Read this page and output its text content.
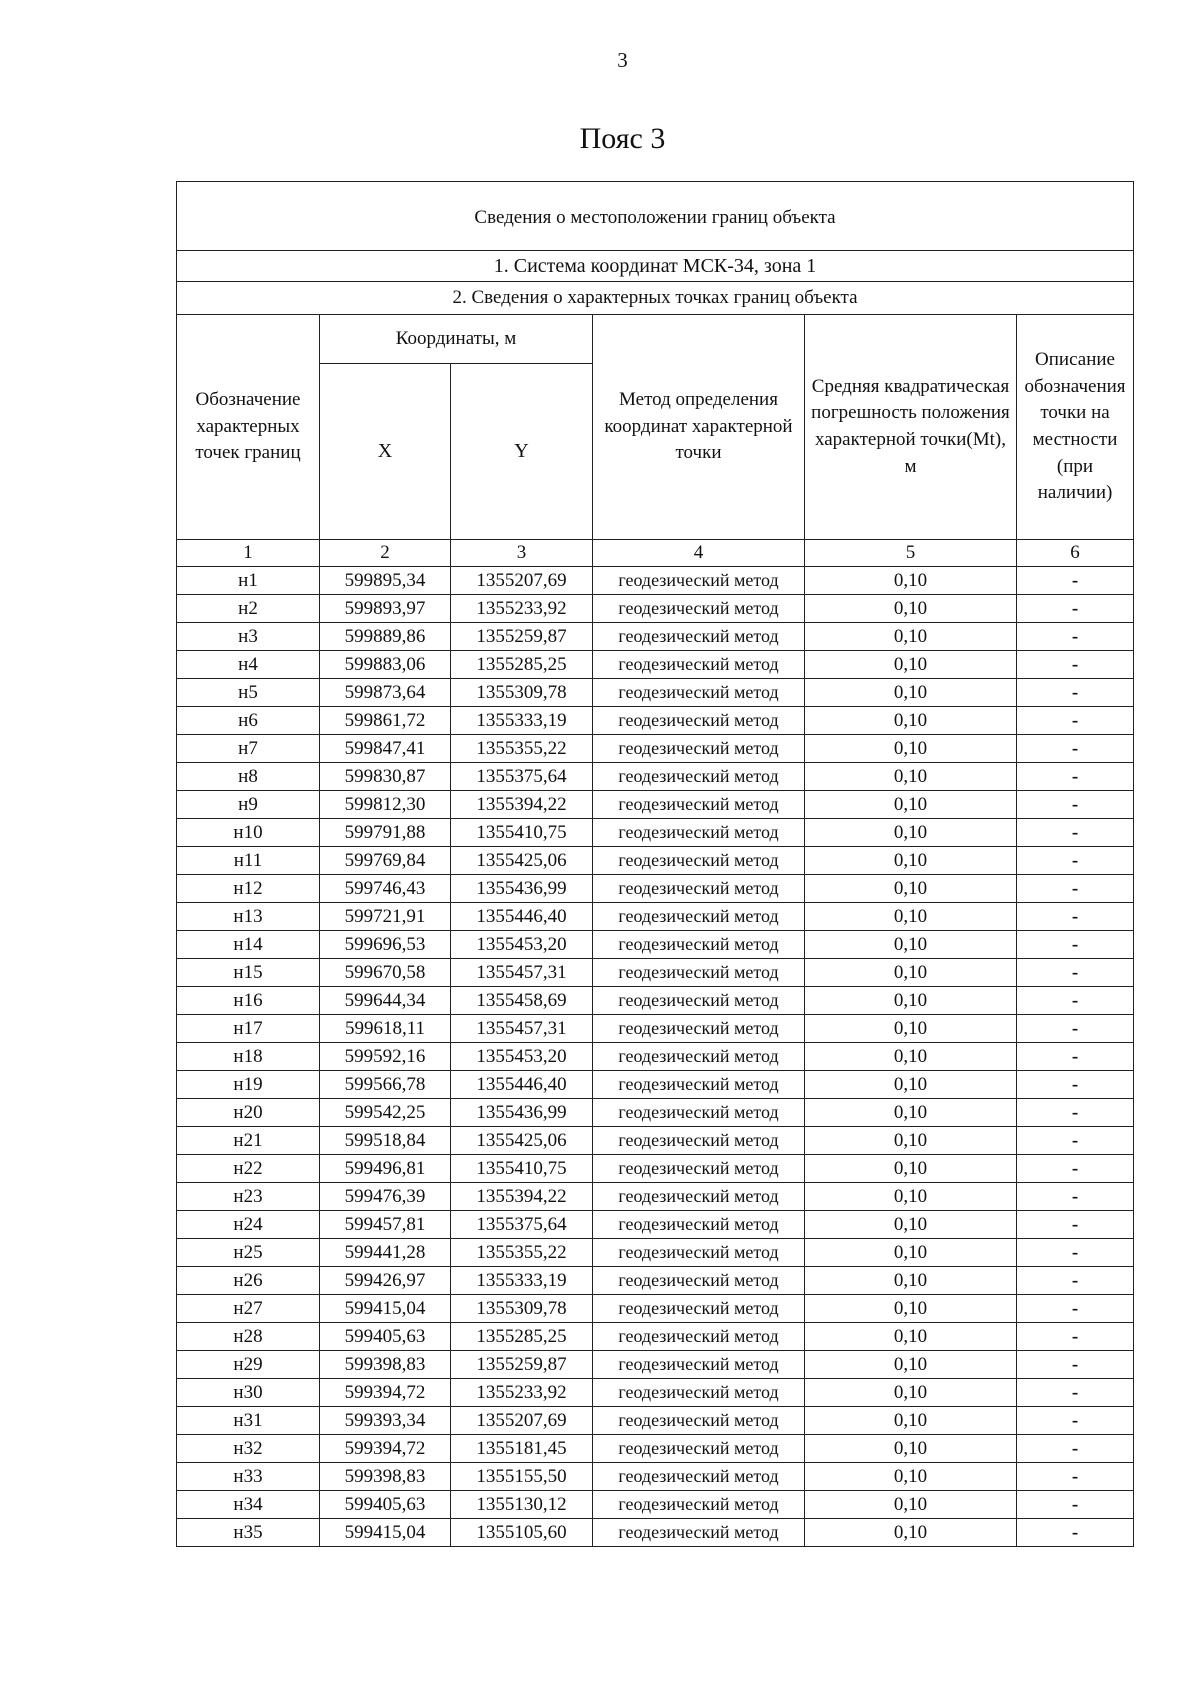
3
Пояс 3
Сведения о местоположении границ объекта					
1. Система координат МСК-34, зона 1					
2. Сведения о характерных точках границ объекта					
Обозначение характерных точек границ	Координаты, м		Метод определения координат характерной точки	Средняя квадратическая погрешность положения характерной точки(Mt), м	Описание обозначения точки на местности (при наличии)
	X	Y			
1	2	3	4	5	6
н1	599895,34	1355207,69	геодезический метод	0,10	-
н2	599893,97	1355233,92	геодезический метод	0,10	-
н3	599889,86	1355259,87	геодезический метод	0,10	-
н4	599883,06	1355285,25	геодезический метод	0,10	-
н5	599873,64	1355309,78	геодезический метод	0,10	-
н6	599861,72	1355333,19	геодезический метод	0,10	-
н7	599847,41	1355355,22	геодезический метод	0,10	-
н8	599830,87	1355375,64	геодезический метод	0,10	-
н9	599812,30	1355394,22	геодезический метод	0,10	-
н10	599791,88	1355410,75	геодезический метод	0,10	-
н11	599769,84	1355425,06	геодезический метод	0,10	-
н12	599746,43	1355436,99	геодезический метод	0,10	-
н13	599721,91	1355446,40	геодезический метод	0,10	-
н14	599696,53	1355453,20	геодезический метод	0,10	-
н15	599670,58	1355457,31	геодезический метод	0,10	-
н16	599644,34	1355458,69	геодезический метод	0,10	-
н17	599618,11	1355457,31	геодезический метод	0,10	-
н18	599592,16	1355453,20	геодезический метод	0,10	-
н19	599566,78	1355446,40	геодезический метод	0,10	-
н20	599542,25	1355436,99	геодезический метод	0,10	-
н21	599518,84	1355425,06	геодезический метод	0,10	-
н22	599496,81	1355410,75	геодезический метод	0,10	-
н23	599476,39	1355394,22	геодезический метод	0,10	-
н24	599457,81	1355375,64	геодезический метод	0,10	-
н25	599441,28	1355355,22	геодезический метод	0,10	-
н26	599426,97	1355333,19	геодезический метод	0,10	-
н27	599415,04	1355309,78	геодезический метод	0,10	-
н28	599405,63	1355285,25	геодезический метод	0,10	-
н29	599398,83	1355259,87	геодезический метод	0,10	-
н30	599394,72	1355233,92	геодезический метод	0,10	-
н31	599393,34	1355207,69	геодезический метод	0,10	-
н32	599394,72	1355181,45	геодезический метод	0,10	-
н33	599398,83	1355155,50	геодезический метод	0,10	-
н34	599405,63	1355130,12	геодезический метод	0,10	-
н35	599415,04	1355105,60	геодезический метод	0,10	-
